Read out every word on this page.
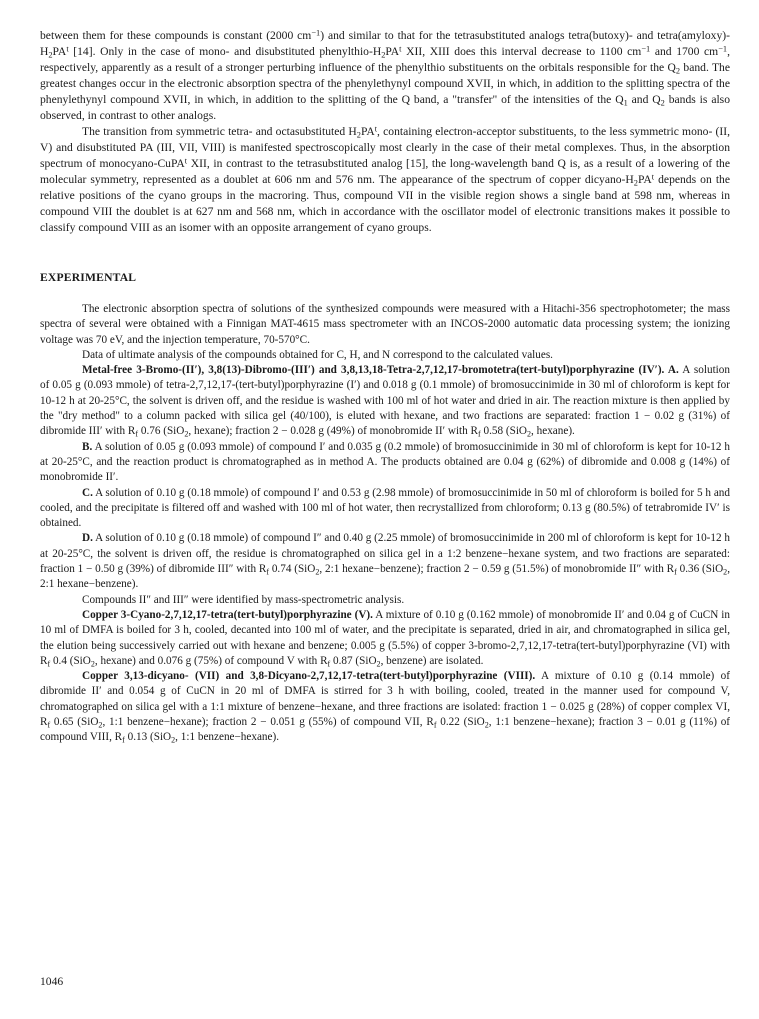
between them for these compounds is constant (2000 $cm^{-1}$) and similar to that for the tetrasubstituted analogs tetra(butoxy)- and $tetra(amyloxy)-H_2PA^t$ [14]. Only in the case of mono- and disubstituted phenylthio-$H_2PA^t$ XII, XIII does this interval decrease to 1100 $cm^{-1}$ and 1700 $cm^{-1}$, respectively, apparently as a result of a stronger perturbing influence of the phenylthio substituents on the orbitals responsible for the $Q_2$ band. The greatest changes occur in the electronic absorption spectra of the phenylethynyl compound XVII, in which, in addition to the splitting spectra of the phenylethynyl compound XVII, in which, in addition to the splitting of the Q band, a "transfer" of the intensities of the $Q_1$ and $Q_2$ bands is also observed, in contrast to other analogs.

The transition from symmetric tetra- and octasubstituted $H_2PA^t$, containing electron-acceptor substituents, to the less symmetric mono- (II, V) and disubstituted PA (III, VII, VIII) is manifested spectroscopically most clearly in the case of their metal complexes. Thus, in the absorption spectrum of monocyano-CuPA$^t$ XII, in contrast to the tetrasubstituted analog [15], the long-wavelength band Q is, as a result of a lowering of the molecular symmetry, represented as a doublet at 606 nm and 576 nm. The appearance of the spectrum of copper dicyano-$H_2PA^t$ depends on the relative positions of the cyano groups in the macroring. Thus, compound VII in the visible region shows a single band at 598 nm, whereas in compound VIII the doublet is at 627 nm and 568 nm, which in accordance with the oscillator model of electronic transitions makes it possible to classify compound VIII as an isomer with an opposite arrangement of cyano groups.

EXPERIMENTAL

The electronic absorption spectra of solutions of the synthesized compounds were measured with a Hitachi-356 spectrophotometer; the mass spectra of several were obtained with a Finnigan MAT-4615 mass spectrometer with an INCOS-2000 automatic data processing system; the ionizing voltage was 70 eV, and the injection temperature, 70-570°C.

Data of ultimate analysis of the compounds obtained for C, H, and N correspond to the calculated values.

Metal-free 3-Bromo-(II′), 3,8(13)-Dibromo-(III′) and 3,8,13,18-Tetra-2,7,12,17-bromotetra(tert-butyl)porphyrazine (IV′). A. A solution of 0.05 g (0.093 mmole) of tetra-2,7,12,17-(tert-butyl)porphyrazine (I′) and 0.018 g (0.1 mmole) of bromosuccinimide in 30 ml of chloroform is kept for 10-12 h at 20-25°C, the solvent is driven off, and the residue is washed with 100 ml of hot water and dried in air. The reaction mixture is then applied by the "dry method" to a column packed with silica gel (40/100), is eluted with hexane, and two fractions are separated: fraction 1 − 0.02 g (31%) of dibromide III′ with $R_f$ 0.76 (SiO$_2$, hexane); fraction 2 − 0.028 g (49%) of monobromide II′ with $R_f$ 0.58 (SiO$_2$, hexane).

B. A solution of 0.05 g (0.093 mmole) of compound I′ and 0.035 g (0.2 mmole) of bromosuccinimide in 30 ml of chloroform is kept for 10-12 h at 20-25°C, and the reaction product is chromatographed as in method A. The products obtained are 0.04 g (62%) of dibromide and 0.008 g (14%) of monobromide II′.

C. A solution of 0.10 g (0.18 mmole) of compound I′ and 0.53 g (2.98 mmole) of bromosuccinimide in 50 ml of chloroform is boiled for 5 h and cooled, and the precipitate is filtered off and washed with 100 ml of hot water, then recrystallized from chloroform; 0.13 g (80.5%) of tetrabromide IV′ is obtained.

D. A solution of 0.10 g (0.18 mmole) of compound I″ and 0.40 g (2.25 mmole) of bromosuccinimide in 200 ml of chloroform is kept for 10-12 h at 20-25°C, the solvent is driven off, the residue is chromatographed on silica gel in a 1:2 benzene−hexane system, and two fractions are separated: fraction 1 − 0.50 g (39%) of dibromide III″ with $R_f$ 0.74 (SiO$_2$, 2:1 hexane−benzene); fraction 2 − 0.59 g (51.5%) of monobromide II″ with $R_f$ 0.36 (SiO$_2$, 2:1 hexane−benzene).

Compounds II″ and III″ were identified by mass-spectrometric analysis.

Copper 3-Cyano-2,7,12,17-tetra(tert-butyl)porphyrazine (V). A mixture of 0.10 g (0.162 mmole) of monobromide II′ and 0.04 g of CuCN in 10 ml of DMFA is boiled for 3 h, cooled, decanted into 100 ml of water, and the precipitate is separated, dried in air, and chromatographed in silica gel, the elution being successively carried out with hexane and benzene; 0.005 g (5.5%) of copper 3-bromo-2,7,12,17-tetra(tert-butyl)porphyrazine (VI) with $R_f$ 0.4 (SiO$_2$, hexane) and 0.076 g (75%) of compound V with $R_f$ 0.87 (SiO$_2$, benzene) are isolated.

Copper 3,13-dicyano- (VII) and 3,8-Dicyano-2,7,12,17-tetra(tert-butyl)porphyrazine (VIII). A mixture of 0.10 g (0.14 mmole) of dibromide II′ and 0.054 g of CuCN in 20 ml of DMFA is stirred for 3 h with boiling, cooled, treated in the manner used for compound V, chromatographed on silica gel with a 1:1 mixture of benzene−hexane, and three fractions are isolated: fraction 1 − 0.025 g (28%) of copper complex VI, $R_f$ 0.65 (SiO$_2$, 1:1 benzene−hexane); fraction 2 − 0.051 g (55%) of compound VII, $R_f$ 0.22 (SiO$_2$, 1:1 benzene−hexane); fraction 3 − 0.01 g (11%) of compound VIII, $R_f$ 0.13 (SiO$_2$, 1:1 benzene−hexane).

1046
